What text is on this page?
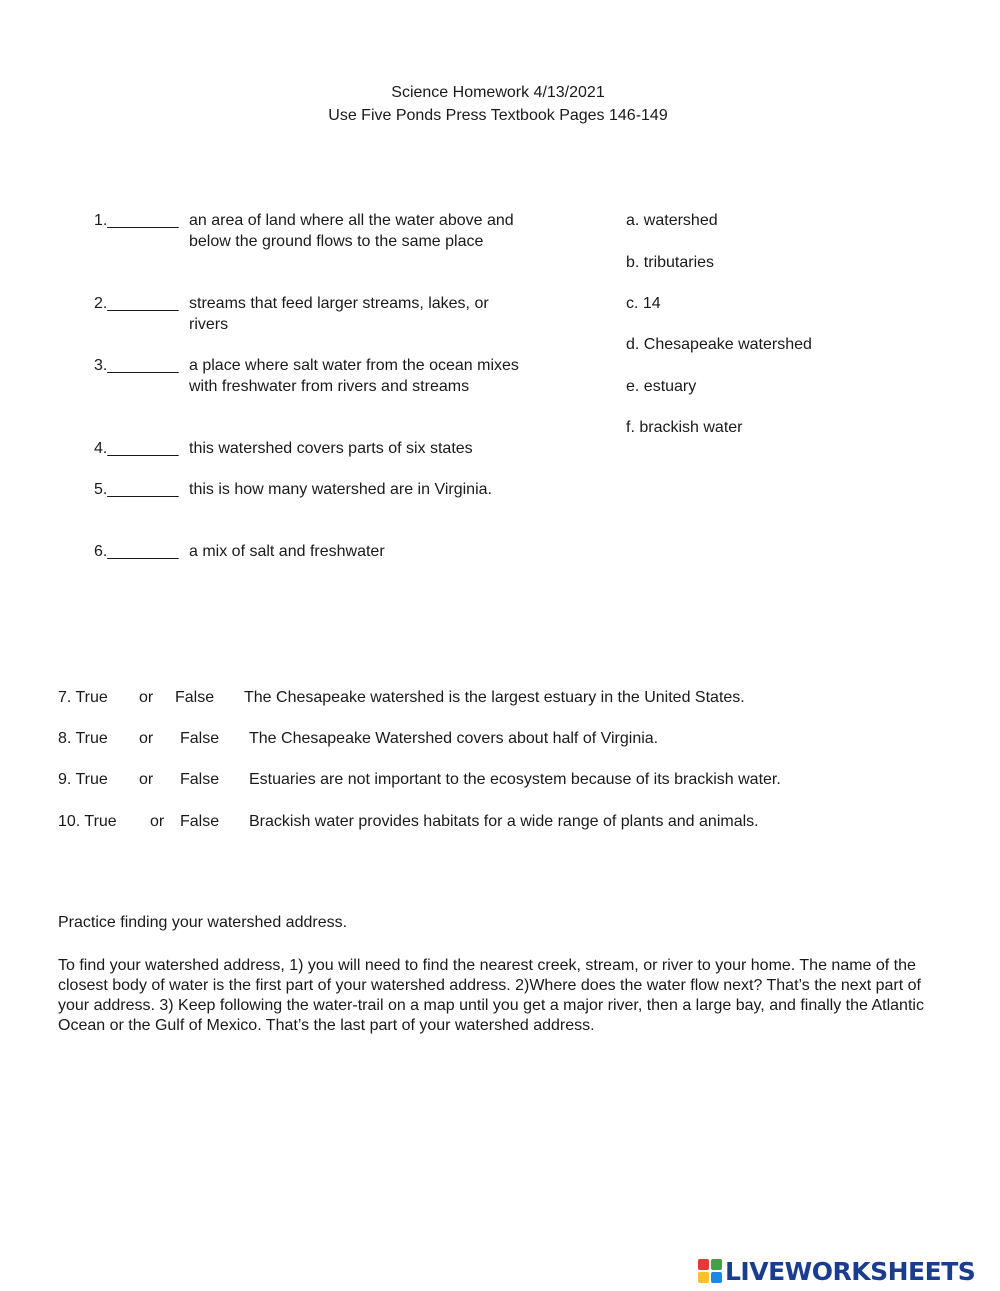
Science Homework 4/13/2021
Use Five Ponds Press Textbook Pages 146-149
1.________ an area of land where all the water above and below the ground flows to the same place
2.________ streams that feed larger streams, lakes, or rivers
3.________ a place where salt water from the ocean mixes with freshwater from rivers and streams
4.________ this watershed covers parts of six states
5.________ this is how many watershed are in Virginia.
6.________ a mix of salt and freshwater
a. watershed
b. tributaries
c. 14
d. Chesapeake watershed
e. estuary
f. brackish water
7. True or False The Chesapeake watershed is the largest estuary in the United States.
8. True or False The Chesapeake Watershed covers about half of Virginia.
9. True or False Estuaries are not important to the ecosystem because of its brackish water.
10. True or False Brackish water provides habitats for a wide range of plants and animals.
Practice finding your watershed address.
To find your watershed address, 1) you will need to find the nearest creek, stream, or river to your home. The name of the closest body of water is the first part of your watershed address. 2)Where does the water flow next? That’s the next part of your address. 3) Keep following the water-trail on a map until you get a major river, then a large bay, and finally the Atlantic Ocean or the Gulf of Mexico. That’s the last part of your watershed address.
LIVEWORKSHEETS
